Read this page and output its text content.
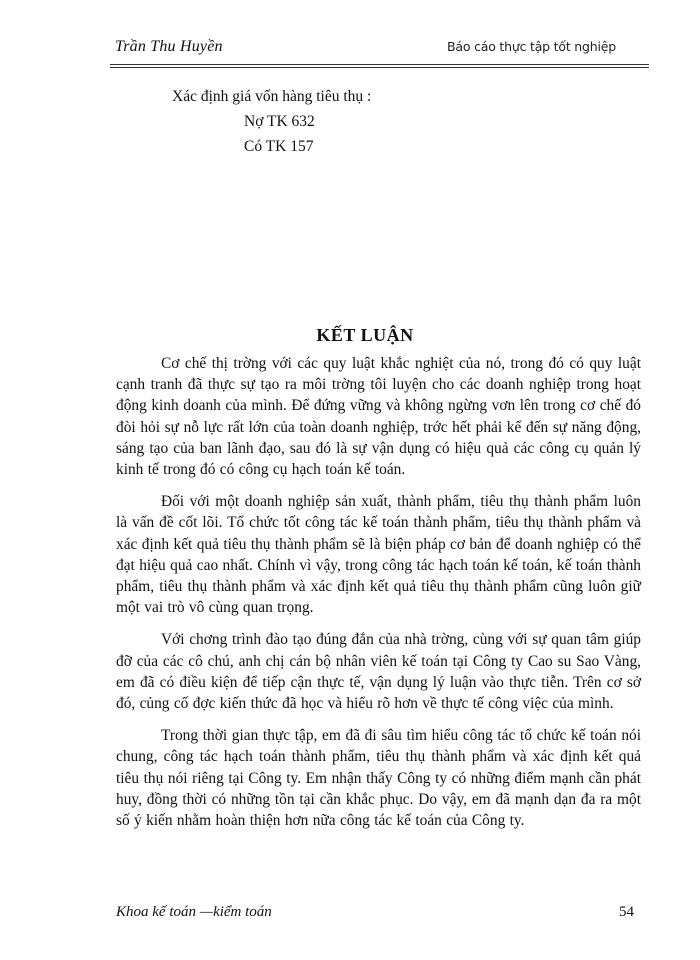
Trần Thu Huyền	Báo cáo thực tập tốt nghiệp
Xác định giá vốn hàng tiêu thụ :
Nợ TK 632
Có TK 157
KẾT LUẬN

Cơ chế thị trờng với các quy luật khắc nghiệt của nó, trong đó có quy luật cạnh tranh đã thực sự tạo ra môi trờng tôi luyện cho các doanh nghiệp trong hoạt động kinh doanh của mình. Để đứng vững và không ngừng vơn lên trong cơ chế đó đòi hỏi sự nỗ lực rất lớn của toàn doanh nghiệp, trớc hết phải kể đến sự năng động, sáng tạo của ban lãnh đạo, sau đó là sự vận dụng có hiệu quả các công cụ quản lý kinh tế trong đó có công cụ hạch toán kế toán.

Đối với một doanh nghiệp sản xuất, thành phẩm, tiêu thụ thành phẩm luôn là vấn đề cốt lõi. Tổ chức tốt công tác kế toán thành phẩm, tiêu thụ thành phẩm và xác định kết quả tiêu thụ thành phẩm sẽ là biện pháp cơ bản để doanh nghiệp có thể đạt hiệu quả cao nhất. Chính vì vậy, trong công tác hạch toán kế toán, kế toán thành phẩm, tiêu thụ thành phẩm và xác định kết quả tiêu thụ thành phẩm cũng luôn giữ một vai trò vô cùng quan trọng.

Với chơng trình đào tạo đúng đắn của nhà trờng, cùng với sự quan tâm giúp đỡ của các cô chú, anh chị cán bộ nhân viên kế toán tại Công ty Cao su Sao Vàng, em đã có điều kiện để tiếp cận thực tế, vận dụng lý luận vào thực tiễn. Trên cơ sở đó, củng cố đợc kiến thức đã học và hiểu rõ hơn về thực tế công việc của mình.

Trong thời gian thực tập, em đã đi sâu tìm hiểu công tác tổ chức kế toán nói chung, công tác hạch toán thành phẩm, tiêu thụ thành phẩm và xác định kết quả tiêu thụ nói riêng tại Công ty. Em nhận thấy Công ty có những điểm mạnh cần phát huy, đồng thời có những tồn tại cần khắc phục. Do vậy, em đã mạnh dạn đa ra một số ý kiến nhằm hoàn thiện hơn nữa công tác kế toán của Công ty.

Khoa kế toán —kiểm toán	54
